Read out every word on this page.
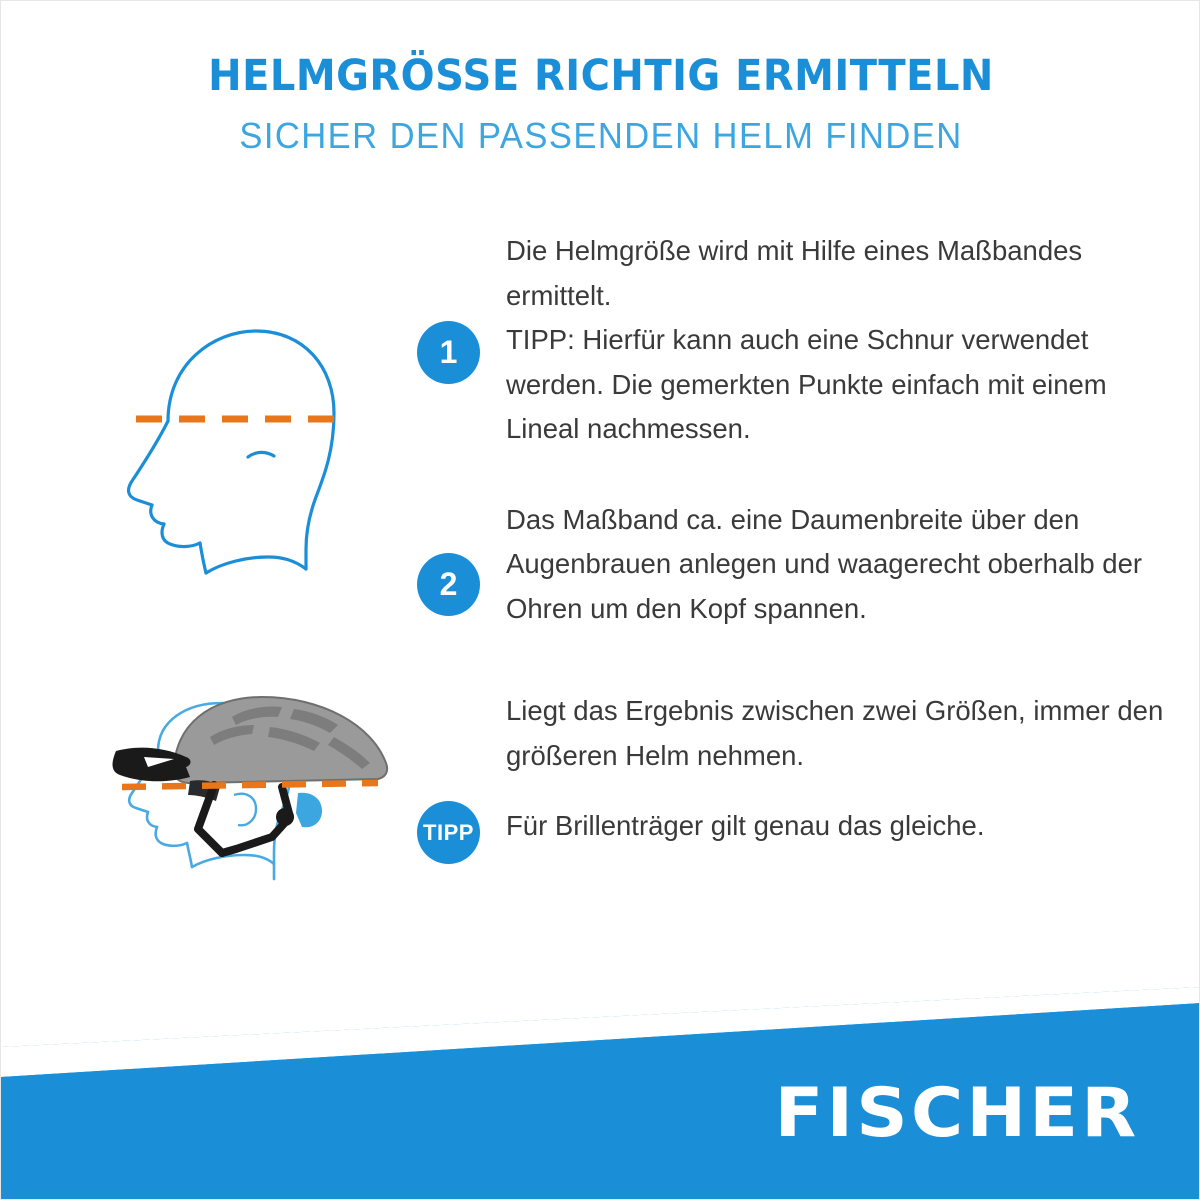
HELMGRÖSSE RICHTIG ERMITTELN
SICHER DEN PASSENDEN HELM FINDEN
1

Die Helmgröße wird mit Hilfe eines Maßbandes ermittelt.

TIPP: Hierfür kann auch eine Schnur verwendet werden. Die gemerkten Punkte einfach mit einem Lineal nachmessen.

2

Das Maßband ca. eine Daumenbreite über den Augenbrauen anlegen und waagerecht oberhalb der Ohren um den Kopf spannen.

TIPP

Liegt das Ergebnis zwischen zwei Größen, immer den größeren Helm nehmen.

Für Brillenträger gilt genau das gleiche.

FISCHER
